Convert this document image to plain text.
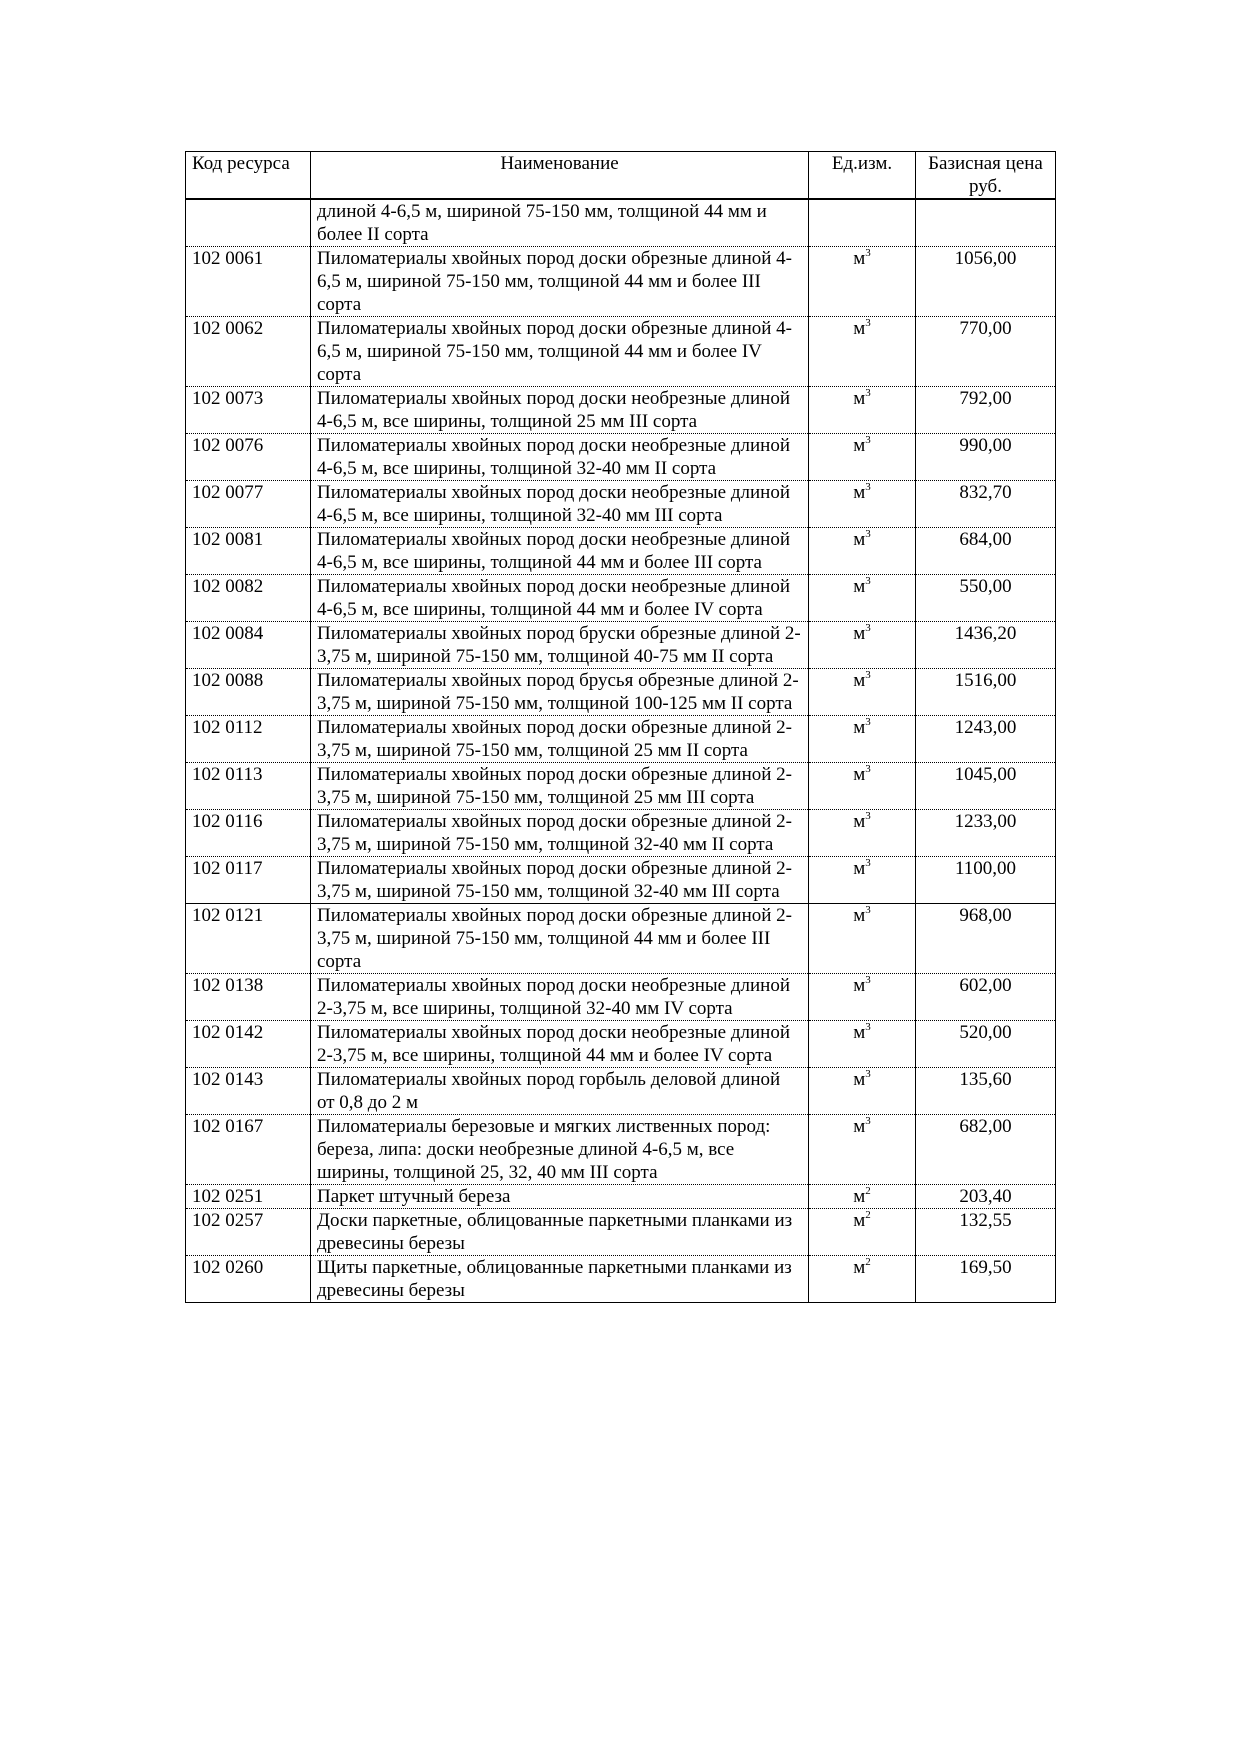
Код ресурса	Наименование	Ед.изм.	Базисная цена руб.
	длиной 4-6,5 м, шириной 75-150 мм, толщиной 44 мм и более II сорта		
102 0061	Пиломатериалы хвойных пород доски обрезные длиной 4-6,5 м, шириной 75-150 мм, толщиной 44 мм и более III сорта	$м^3$	1056,00
102 0062	Пиломатериалы хвойных пород доски обрезные длиной 4-6,5 м, шириной 75-150 мм, толщиной 44 мм и более IV сорта	$м^3$	770,00
102 0073	Пиломатериалы хвойных пород доски необрезные длиной 4-6,5 м, все ширины, толщиной 25 мм III сорта	$м^3$	792,00
102 0076	Пиломатериалы хвойных пород доски необрезные длиной 4-6,5 м, все ширины, толщиной 32-40 мм II сорта	$м^3$	990,00
102 0077	Пиломатериалы хвойных пород доски необрезные длиной 4-6,5 м, все ширины, толщиной 32-40 мм III сорта	$м^3$	832,70
102 0081	Пиломатериалы хвойных пород доски необрезные длиной 4-6,5 м, все ширины, толщиной 44 мм и более III сорта	$м^3$	684,00
102 0082	Пиломатериалы хвойных пород доски необрезные длиной 4-6,5 м, все ширины, толщиной 44 мм и более IV сорта	$м^3$	550,00
102 0084	Пиломатериалы хвойных пород бруски обрезные длиной 2-3,75 м, шириной 75-150 мм, толщиной 40-75 мм II сорта	$м^3$	1436,20
102 0088	Пиломатериалы хвойных пород брусья обрезные длиной 2-3,75 м, шириной 75-150 мм, толщиной 100-125 мм II сорта	$м^3$	1516,00
102 0112	Пиломатериалы хвойных пород доски обрезные длиной 2-3,75 м, шириной 75-150 мм, толщиной 25 мм II сорта	$м^3$	1243,00
102 0113	Пиломатериалы хвойных пород доски обрезные длиной 2-3,75 м, шириной 75-150 мм, толщиной 25 мм III сорта	$м^3$	1045,00
102 0116	Пиломатериалы хвойных пород доски обрезные длиной 2-3,75 м, шириной 75-150 мм, толщиной 32-40 мм II сорта	$м^3$	1233,00
102 0117	Пиломатериалы хвойных пород доски обрезные длиной 2-3,75 м, шириной 75-150 мм, толщиной 32-40 мм III сорта	$м^3$	1100,00
102 0121	Пиломатериалы хвойных пород доски обрезные длиной 2-3,75 м, шириной 75-150 мм, толщиной 44 мм и более III сорта	$м^3$	968,00
102 0138	Пиломатериалы хвойных пород доски необрезные длиной 2-3,75 м, все ширины, толщиной 32-40 мм IV сорта	$м^3$	602,00
102 0142	Пиломатериалы хвойных пород доски необрезные длиной 2-3,75 м, все ширины, толщиной 44 мм и более IV сорта	$м^3$	520,00
102 0143	Пиломатериалы хвойных пород горбыль деловой длиной от 0,8 до 2 м	$м^3$	135,60
102 0167	Пиломатериалы березовые и мягких лиственных пород: береза, липа: доски необрезные длиной 4-6,5 м, все ширины, толщиной 25, 32, 40 мм III сорта	$м^3$	682,00
102 0251	Паркет штучный береза	$м^2$	203,40
102 0257	Доски паркетные, облицованные паркетными планками из древесины березы	$м^2$	132,55
102 0260	Щиты паркетные, облицованные паркетными планками из древесины березы	$м^2$	169,50
